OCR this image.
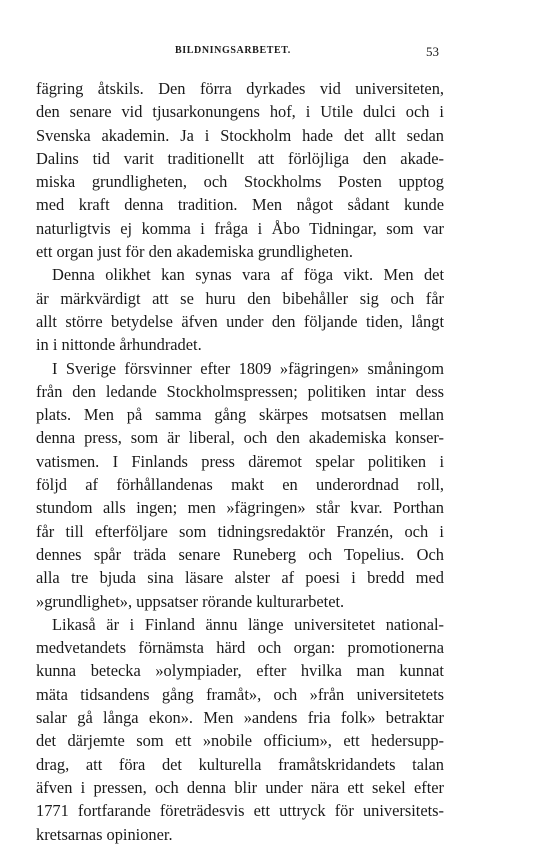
BILDNINGSARBETET.	53

fägring åtskils. Den förra dyrkades vid universiteten,
den senare vid tjusarkonungens hof, i Utile dulci och i
Svenska akademin. Ja i Stockholm hade det allt sedan
Dalins tid varit traditionellt att förlöjliga den akade-
miska grundligheten, och Stockholms Posten upptog
med kraft denna tradition. Men något sådant kunde
naturligtvis ej komma i fråga i Åbo Tidningar, som var
ett organ just för den akademiska grundligheten.

Denna olikhet kan synas vara af föga vikt. Men det
är märkvärdigt att se huru den bibehåller sig och får
allt större betydelse äfven under den följande tiden, långt
in i nittonde århundradet.

I Sverige försvinner efter 1809 »fägringen» småningom
från den ledande Stockholmspressen; politiken intar dess
plats. Men på samma gång skärpes motsatsen mellan
denna press, som är liberal, och den akademiska konser-
vatismen. I Finlands press däremot spelar politiken i
följd af förhållandenas makt en underordnad roll,
stundom alls ingen; men »fägringen» står kvar. Porthan
får till efterföljare som tidningsredaktör Franzén, och i
dennes spår träda senare Runeberg och Topelius. Och
alla tre bjuda sina läsare alster af poesi i bredd med
»grundlighet», uppsatser rörande kulturarbetet.

Likaså är i Finland ännu länge universitetet national-
medvetandets förnämsta härd och organ: promotionerna
kunna betecka »olympiader, efter hvilka man kunnat
mäta tidsandens gång framåt», och »från universitetets
salar gå långa ekon». Men »andens fria folk» betraktar
det därjemte som ett »nobile officium», ett hedersupp-
drag, att föra det kulturella framåtskridandets talan
äfven i pressen, och denna blir under nära ett sekel efter
1771 fortfarande företrädesvis ett uttryck för universitets-
kretsarnas opinioner.
